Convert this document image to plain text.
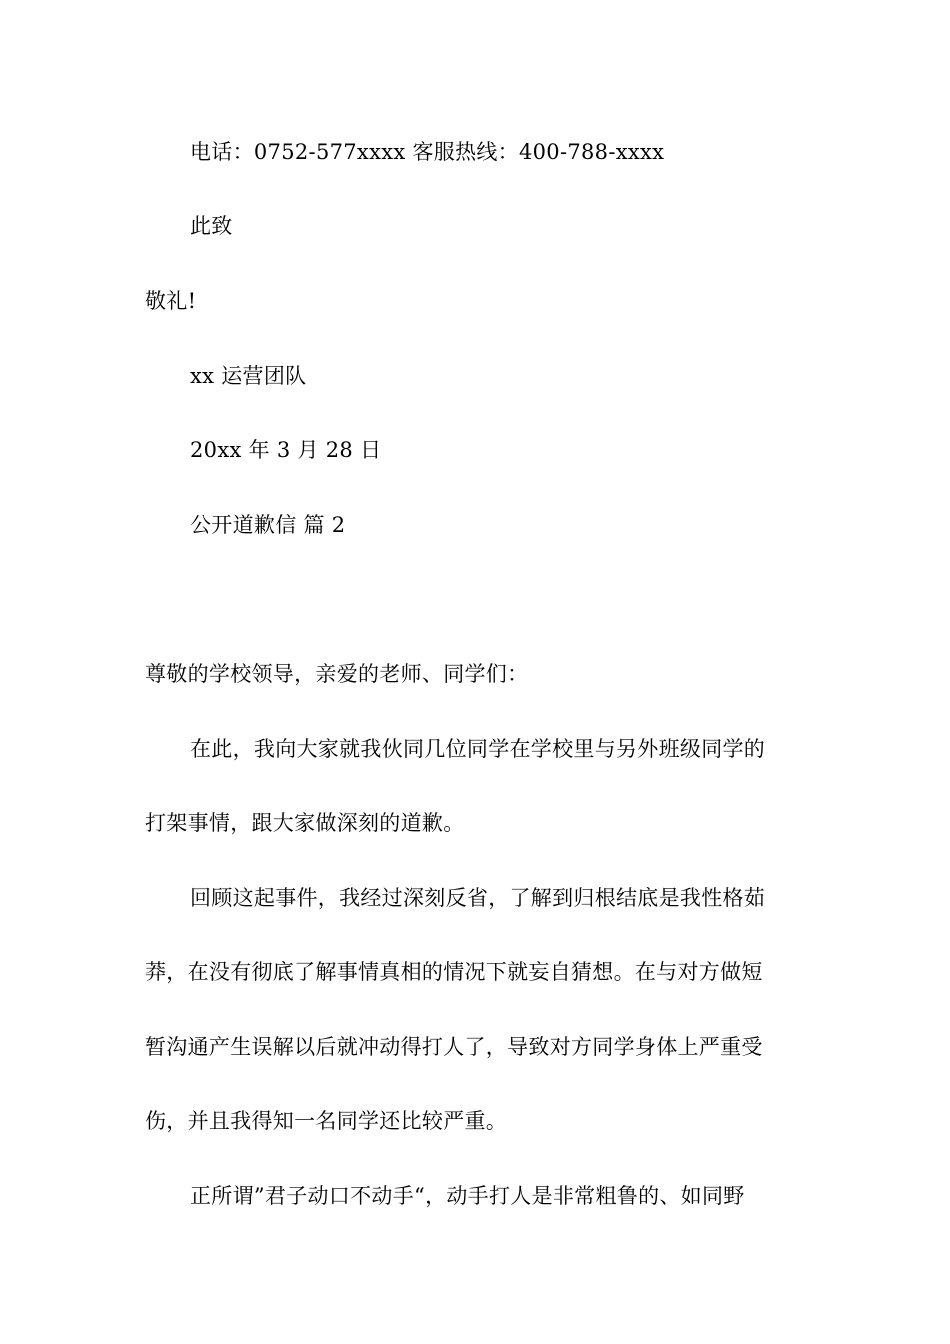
电话：0752-577xxxx 客服热线：400-788-xxxx

此致

敬礼!

xx 运营团队

20xx 年 3 月 28 日

公开道歉信 篇 2

尊敬的学校领导，亲爱的老师、同学们：

在此，我向大家就我伙同几位同学在学校里与另外班级同学的

打架事情，跟大家做深刻的道歉。

回顾这起事件，我经过深刻反省，了解到归根结底是我性格茹

莽，在没有彻底了解事情真相的情况下就妄自猜想。在与对方做短

暂沟通产生误解以后就冲动得打人了，导致对方同学身体上严重受

伤，并且我得知一名同学还比较严重。

正所谓”君子动口不动手“，动手打人是非常粗鲁的、如同野
